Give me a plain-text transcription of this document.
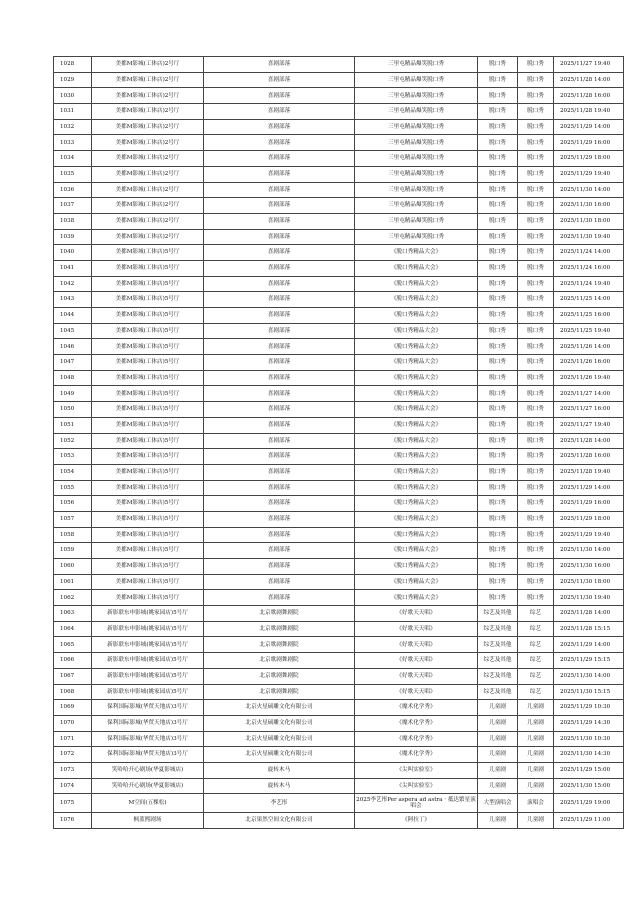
1028	美都M影城(工体店)2号厅	喜剧部落	三里屯精品爆笑脱口秀	脱口秀	脱口秀	2025/11/27 19:40
1029	美都M影城(工体店)2号厅	喜剧部落	三里屯精品爆笑脱口秀	脱口秀	脱口秀	2025/11/28 14:00
1030	美都M影城(工体店)2号厅	喜剧部落	三里屯精品爆笑脱口秀	脱口秀	脱口秀	2025/11/28 16:00
1031	美都M影城(工体店)2号厅	喜剧部落	三里屯精品爆笑脱口秀	脱口秀	脱口秀	2025/11/28 19:40
1032	美都M影城(工体店)2号厅	喜剧部落	三里屯精品爆笑脱口秀	脱口秀	脱口秀	2025/11/29 14:00
1033	美都M影城(工体店)2号厅	喜剧部落	三里屯精品爆笑脱口秀	脱口秀	脱口秀	2025/11/29 16:00
1034	美都M影城(工体店)2号厅	喜剧部落	三里屯精品爆笑脱口秀	脱口秀	脱口秀	2025/11/29 18:00
1035	美都M影城(工体店)2号厅	喜剧部落	三里屯精品爆笑脱口秀	脱口秀	脱口秀	2025/11/29 19:40
1036	美都M影城(工体店)2号厅	喜剧部落	三里屯精品爆笑脱口秀	脱口秀	脱口秀	2025/11/30 14:00
1037	美都M影城(工体店)2号厅	喜剧部落	三里屯精品爆笑脱口秀	脱口秀	脱口秀	2025/11/30 16:00
1038	美都M影城(工体店)2号厅	喜剧部落	三里屯精品爆笑脱口秀	脱口秀	脱口秀	2025/11/30 18:00
1039	美都M影城(工体店)2号厅	喜剧部落	三里屯精品爆笑脱口秀	脱口秀	脱口秀	2025/11/30 19:40
1040	美都M影城(工体店)5号厅	喜剧部落	《脱口秀精品大会》	脱口秀	脱口秀	2025/11/24 14:00
1041	美都M影城(工体店)5号厅	喜剧部落	《脱口秀精品大会》	脱口秀	脱口秀	2025/11/24 16:00
1042	美都M影城(工体店)5号厅	喜剧部落	《脱口秀精品大会》	脱口秀	脱口秀	2025/11/24 19:40
1043	美都M影城(工体店)5号厅	喜剧部落	《脱口秀精品大会》	脱口秀	脱口秀	2025/11/25 14:00
1044	美都M影城(工体店)5号厅	喜剧部落	《脱口秀精品大会》	脱口秀	脱口秀	2025/11/25 16:00
1045	美都M影城(工体店)5号厅	喜剧部落	《脱口秀精品大会》	脱口秀	脱口秀	2025/11/25 19:40
1046	美都M影城(工体店)5号厅	喜剧部落	《脱口秀精品大会》	脱口秀	脱口秀	2025/11/26 14:00
1047	美都M影城(工体店)5号厅	喜剧部落	《脱口秀精品大会》	脱口秀	脱口秀	2025/11/26 16:00
1048	美都M影城(工体店)5号厅	喜剧部落	《脱口秀精品大会》	脱口秀	脱口秀	2025/11/26 19:40
1049	美都M影城(工体店)5号厅	喜剧部落	《脱口秀精品大会》	脱口秀	脱口秀	2025/11/27 14:00
1050	美都M影城(工体店)5号厅	喜剧部落	《脱口秀精品大会》	脱口秀	脱口秀	2025/11/27 16:00
1051	美都M影城(工体店)5号厅	喜剧部落	《脱口秀精品大会》	脱口秀	脱口秀	2025/11/27 19:40
1052	美都M影城(工体店)5号厅	喜剧部落	《脱口秀精品大会》	脱口秀	脱口秀	2025/11/28 14:00
1053	美都M影城(工体店)5号厅	喜剧部落	《脱口秀精品大会》	脱口秀	脱口秀	2025/11/28 16:00
1054	美都M影城(工体店)5号厅	喜剧部落	《脱口秀精品大会》	脱口秀	脱口秀	2025/11/28 19:40
1055	美都M影城(工体店)5号厅	喜剧部落	《脱口秀精品大会》	脱口秀	脱口秀	2025/11/29 14:00
1056	美都M影城(工体店)5号厅	喜剧部落	《脱口秀精品大会》	脱口秀	脱口秀	2025/11/29 16:00
1057	美都M影城(工体店)5号厅	喜剧部落	《脱口秀精品大会》	脱口秀	脱口秀	2025/11/29 18:00
1058	美都M影城(工体店)5号厅	喜剧部落	《脱口秀精品大会》	脱口秀	脱口秀	2025/11/29 19:40
1059	美都M影城(工体店)5号厅	喜剧部落	《脱口秀精品大会》	脱口秀	脱口秀	2025/11/30 14:00
1060	美都M影城(工体店)5号厅	喜剧部落	《脱口秀精品大会》	脱口秀	脱口秀	2025/11/30 16:00
1061	美都M影城(工体店)5号厅	喜剧部落	《脱口秀精品大会》	脱口秀	脱口秀	2025/11/30 18:00
1062	美都M影城(工体店)5号厅	喜剧部落	《脱口秀精品大会》	脱口秀	脱口秀	2025/11/30 19:40
1063	新影联东申影城(姚家园店)5号厅	北京歌剧舞剧院	《好歌天天唱》	综艺及其他	综艺	2025/11/28 14:00
1064	新影联东申影城(姚家园店)5号厅	北京歌剧舞剧院	《好歌天天唱》	综艺及其他	综艺	2025/11/28 15:15
1065	新影联东申影城(姚家园店)5号厅	北京歌剧舞剧院	《好歌天天唱》	综艺及其他	综艺	2025/11/29 14:00
1066	新影联东申影城(姚家园店)5号厅	北京歌剧舞剧院	《好歌天天唱》	综艺及其他	综艺	2025/11/29 15:15
1067	新影联东申影城(姚家园店)5号厅	北京歌剧舞剧院	《好歌天天唱》	综艺及其他	综艺	2025/11/30 14:00
1068	新影联东申影城(姚家园店)5号厅	北京歌剧舞剧院	《好歌天天唱》	综艺及其他	综艺	2025/11/30 15:15
1069	保利国际影城(华贸天地店)3号厅	北京火星硕雕文化有限公司	《魔术化学秀》	儿童剧	儿童剧	2025/11/29 10:30
1070	保利国际影城(华贸天地店)3号厅	北京火星硕雕文化有限公司	《魔术化学秀》	儿童剧	儿童剧	2025/11/29 14:30
1071	保利国际影城(华贸天地店)3号厅	北京火星硕雕文化有限公司	《魔术化学秀》	儿童剧	儿童剧	2025/11/30 10:30
1072	保利国际影城(华贸天地店)3号厅	北京火星硕雕文化有限公司	《魔术化学秀》	儿童剧	儿童剧	2025/11/30 14:30
1073	笑哈哈开心剧场(华夏影城店)	旋转木马	《尖叫实验室》	儿童剧	儿童剧	2025/11/29 15:00
1074	笑哈哈开心剧场(华夏影城店)	旋转木马	《尖叫实验室》	儿童剧	儿童剧	2025/11/30 15:00
1075	M空间(五棵松)	李艺彤	2025李艺彤Per aspera ad astra · 抵达繁星演唱会	大型演唱会	演唱会	2025/11/29 19:00
1076	枫蓝熙剧场	北京果然空间文化有限公司	《阿拉丁》	儿童剧	儿童剧	2025/11/29 11:00
